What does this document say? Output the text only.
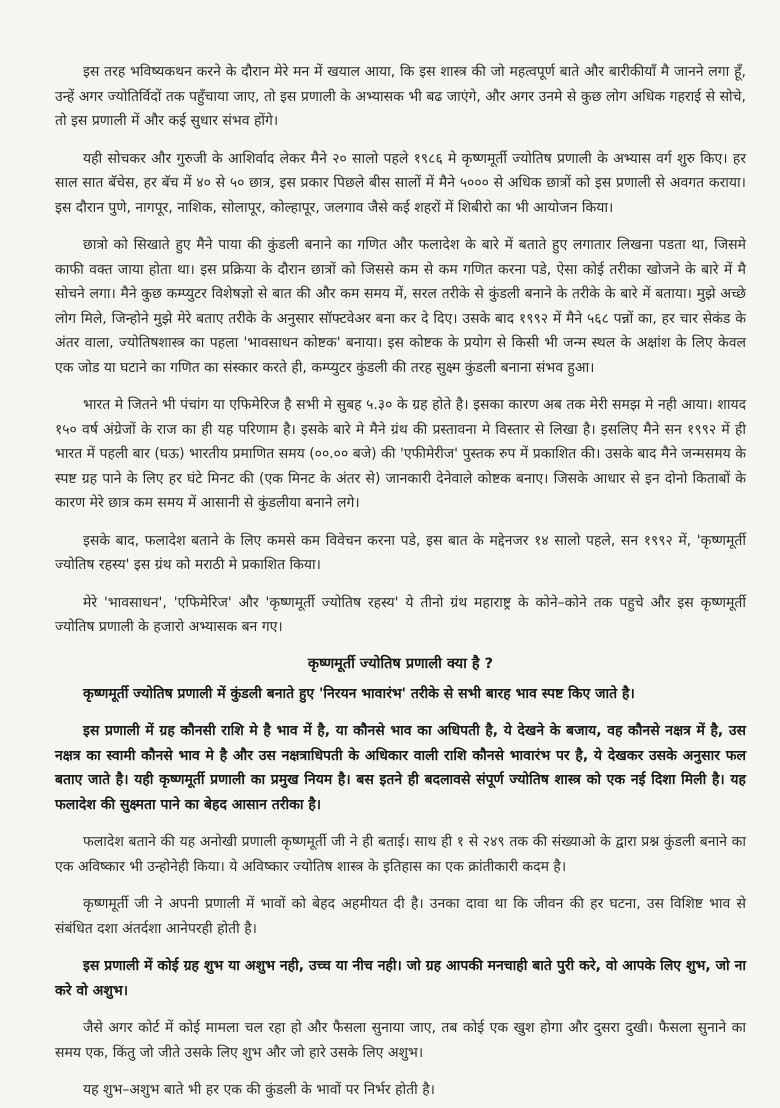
इस तरह भविष्यकथन करने के दौरान मेरे मन में खयाल आया, कि इस शास्त्र की जो महत्वपूर्ण बाते और बारीकीयाँ मै जानने लगा हूँ, उन्हें अगर ज्योतिर्विदों तक पहुँचाया जाए, तो इस प्रणाली के अभ्यासक भी बढ जाएंगे, और अगर उनमे से कुछ लोग अधिक गहराई से सोचे, तो इस प्रणाली में और कई सुधार संभव होंगे।

यही सोचकर और गुरुजी के आशिर्वाद लेकर मैने २० सालो पहले १९८६ मे कृष्णमूर्ती ज्योतिष प्रणाली के अभ्यास वर्ग शुरु किए। हर साल सात बॅचेस, हर बॅच में ४० से ५० छात्र, इस प्रकार पिछले बीस सालों में मैने ५००० से अधिक छात्रों को इस प्रणाली से अवगत कराया। इस दौरान पुणे, नागपूर, नाशिक, सोलापूर, कोल्हापूर, जलगाव जैसे कई शहरों में शिबीरो का भी आयोजन किया।

छात्रो को सिखाते हुए मैने पाया की कुंडली बनाने का गणित और फलादेश के बारे में बताते हुए लगातार लिखना पडता था, जिसमे काफी वक्त जाया होता था। इस प्रक्रिया के दौरान छात्रों को जिससे कम से कम गणित करना पडे, ऐसा कोई तरीका खोजने के बारे में मै सोचने लगा। मैने कुछ कम्प्युटर विशेषज्ञो से बात की और कम समय में, सरल तरीके से कुंडली बनाने के तरीके के बारे में बताया। मुझे अच्छे लोग मिले, जिन्होने मुझे मेरे बताए तरीके के अनुसार सॉफ्टवेअर बना कर दे दिए। उसके बाद १९९२ में मैने ५६८ पन्नों का, हर चार सेकंड के अंतर वाला, ज्योतिषशास्त्र का पहला 'भावसाधन कोष्टक' बनाया। इस कोष्टक के प्रयोग से किसी भी जन्म स्थल के अक्षांश के लिए केवल एक जोड या घटाने का गणित का संस्कार करते ही, कम्प्युटर कुंडली की तरह सुक्ष्म कुंडली बनाना संभव हुआ।

भारत मे जितने भी पंचांग या एफिमेरिज है सभी मे सुबह ५.३० के ग्रह होते है। इसका कारण अब तक मेरी समझ मे नही आया। शायद १५० वर्ष अंग्रेजों के राज का ही यह परिणाम है। इसके बारे मे मैने ग्रंथ की प्रस्तावना मे विस्तार से लिखा है। इसलिए मैने सन १९९२ में ही भारत में पहली बार (घऊ) भारतीय प्रमाणित समय (००.०० बजे) की 'एफीमेरीज' पुस्तक रुप में प्रकाशित की। उसके बाद मैने जन्मसमय के स्पष्ट ग्रह पाने के लिए हर घंटे मिनट की (एक मिनट के अंतर से) जानकारी देनेवाले कोष्टक बनाए। जिसके आधार से इन दोनो किताबों के कारण मेरे छात्र कम समय में आसानी से कुंडलीया बनाने लगे।

इसके बाद, फलादेश बताने के लिए कमसे कम विवेचन करना पडे, इस बात के मद्देनजर १४ सालो पहले, सन १९९२ में, 'कृष्णमूर्ती ज्योतिष रहस्य' इस ग्रंथ को मराठी मे प्रकाशित किया।

मेरे 'भावसाधन', 'एफिमेरिज' और 'कृष्णमूर्ती ज्योतिष रहस्य' ये तीनो ग्रंथ महाराष्ट्र के कोने–कोने तक पहुचे और इस कृष्णमूर्ती ज्योतिष प्रणाली के हजारो अभ्यासक बन गए।

कृष्णमूर्ती ज्योतिष प्रणाली क्या है ?

कृष्णमूर्ती ज्योतिष प्रणाली में कुंडली बनाते हुए 'निरयन भावारंभ' तरीके से सभी बारह भाव स्पष्ट किए जाते है।

इस प्रणाली में ग्रह कौनसी राशि मे है भाव में है, या कौनसे भाव का अधिपती है, ये देखने के बजाय, वह कौनसे नक्षत्र में है, उस नक्षत्र का स्वामी कौनसे भाव मे है और उस नक्षत्राधिपती के अधिकार वाली राशि कौनसे भावारंभ पर है, ये देखकर उसके अनुसार फल बताए जाते है। यही कृष्णमूर्ती प्रणाली का प्रमुख नियम है। बस इतने ही बदलावसे संपूर्ण ज्योतिष शास्त्र को एक नई दिशा मिली है। यह फलादेश की सुक्ष्मता पाने का बेहद आसान तरीका है।

फलादेश बताने की यह अनोखी प्रणाली कृष्णमूर्ती जी ने ही बताई। साथ ही १ से २४९ तक की संख्याओ के द्वारा प्रश्न कुंडली बनाने का एक अविष्कार भी उन्होनेही किया। ये अविष्कार ज्योतिष शास्त्र के इतिहास का एक क्रांतीकारी कदम है।

कृष्णमूर्ती जी ने अपनी प्रणाली में भावों को बेहद अहमीयत दी है। उनका दावा था कि जीवन की हर घटना, उस विशिष्ट भाव से संबंधित दशा अंतर्दशा आनेपरही होती है।

इस प्रणाली में कोई ग्रह शुभ या अशुभ नही, उच्च या नीच नही। जो ग्रह आपकी मनचाही बाते पुरी करे, वो आपके लिए शुभ, जो ना करे वो अशुभ।

जैसे अगर कोर्ट में कोई मामला चल रहा हो और फैसला सुनाया जाए, तब कोई एक खुश होगा और दुसरा दुखी। फैसला सुनाने का समय एक, किंतु जो जीते उसके लिए शुभ और जो हारे उसके लिए अशुभ।

यह शुभ–अशुभ बाते भी हर एक की कुंडली के भावों पर निर्भर होती है।
